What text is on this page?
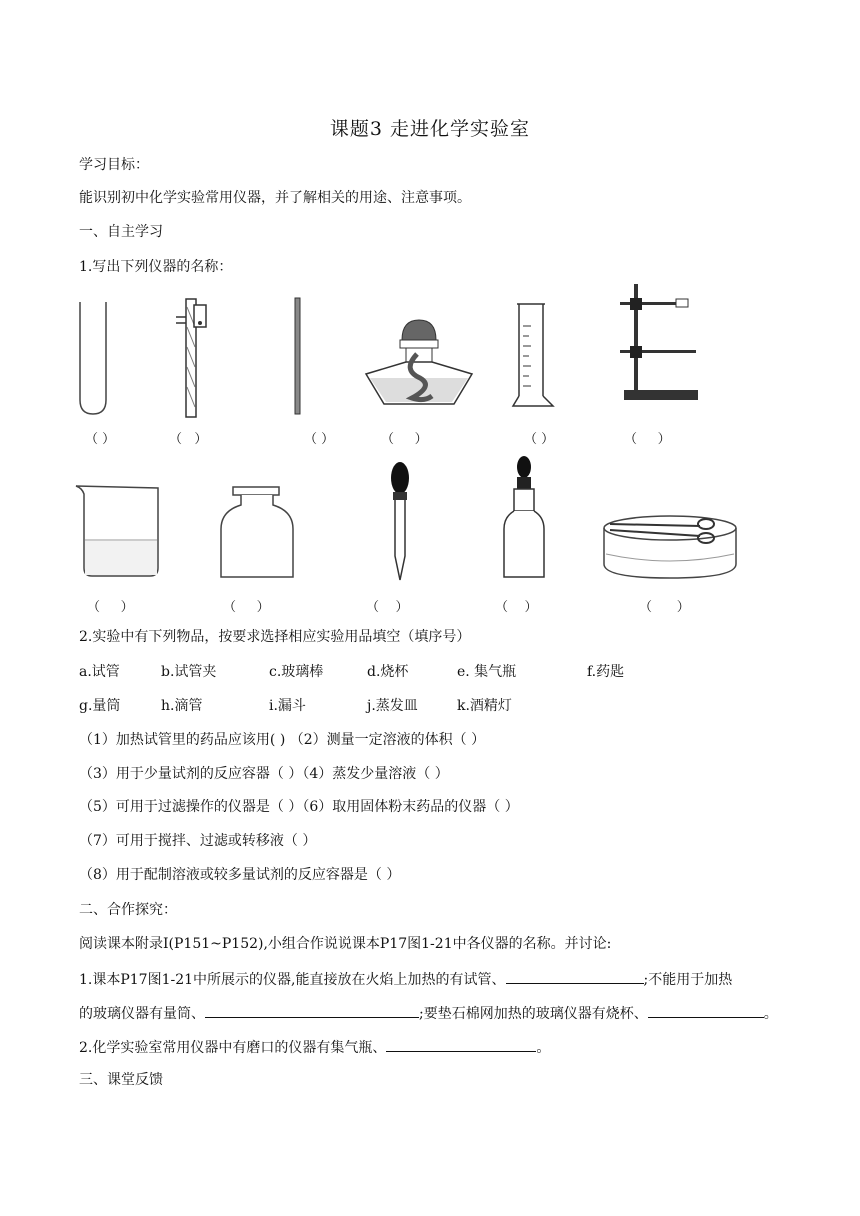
课题3 走进化学实验室
学习目标：
能识别初中化学实验常用仪器，并了解相关的用途、注意事项。
一、自主学习
1.写出下列仪器的名称：
（ ）	（   ）	（ ）	（     ）	（ ）	（     ）
（     ）	（     ）	（    ）	（    ）	（      ）
2.实验中有下列物品，按要求选择相应实验用品填空（填序号）
a.试管	b.试管夹	c.玻璃棒	d.烧杯	e. 集气瓶	f.药匙
g.量筒	h.滴管	i.漏斗	j.蒸发皿	k.酒精灯
（1）加热试管里的药品应该用( ) （2）测量一定溶液的体积（ ）
（3）用于少量试剂的反应容器（ ）（4）蒸发少量溶液（ ）
（5）可用于过滤操作的仪器是（ ）（6）取用固体粉末药品的仪器（ ）
（7）可用于搅拌、过滤或转移液（ ）
（8）用于配制溶液或较多量试剂的反应容器是（ ）
二、合作探究：
阅读课本附录Ⅰ(P151~P152),小组合作说说课本P17图1-21中各仪器的名称。并讨论:
1.课本P17图1-21中所展示的仪器,能直接放在火焰上加热的有试管、	;不能用于加热
的玻璃仪器有量筒、	;要垫石棉网加热的玻璃仪器有烧杯、	。
2.化学实验室常用仪器中有磨口的仪器有集气瓶、	。
三、课堂反馈
